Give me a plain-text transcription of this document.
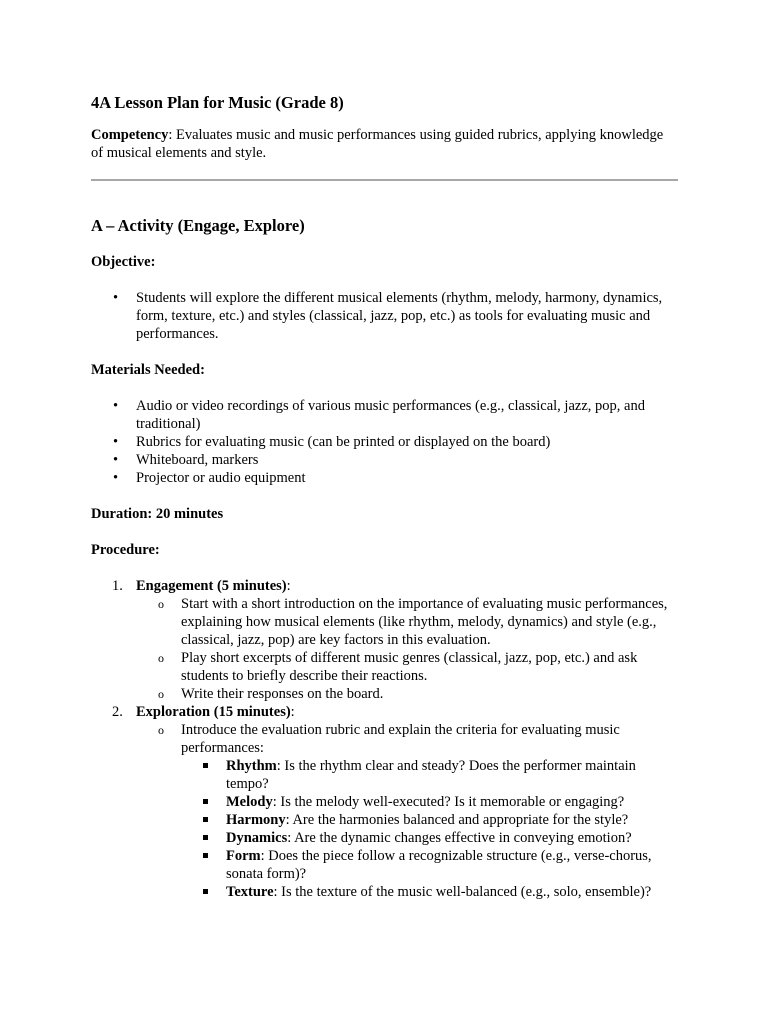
4A Lesson Plan for Music (Grade 8)

Competency: Evaluates music and music performances using guided rubrics, applying knowledge of musical elements and style.

A – Activity (Engage, Explore)
Objective:
• Students will explore the different musical elements (rhythm, melody, harmony, dynamics, form, texture, etc.) and styles (classical, jazz, pop, etc.) as tools for evaluating music and performances.
Materials Needed:
• Audio or video recordings of various music performances (e.g., classical, jazz, pop, and traditional)
• Rubrics for evaluating music (can be printed or displayed on the board)
• Whiteboard, markers
• Projector or audio equipment
Duration: 20 minutes
Procedure:
1. Engagement (5 minutes):
o Start with a short introduction on the importance of evaluating music performances, explaining how musical elements (like rhythm, melody, dynamics) and style (e.g., classical, jazz, pop) are key factors in this evaluation.
o Play short excerpts of different music genres (classical, jazz, pop, etc.) and ask students to briefly describe their reactions.
o Write their responses on the board.
2. Exploration (15 minutes):
o Introduce the evaluation rubric and explain the criteria for evaluating music performances:
Rhythm: Is the rhythm clear and steady? Does the performer maintain tempo?
Melody: Is the melody well-executed? Is it memorable or engaging?
Harmony: Are the harmonies balanced and appropriate for the style?
Dynamics: Are the dynamic changes effective in conveying emotion?
Form: Does the piece follow a recognizable structure (e.g., verse-chorus, sonata form)?
Texture: Is the texture of the music well-balanced (e.g., solo, ensemble)?
